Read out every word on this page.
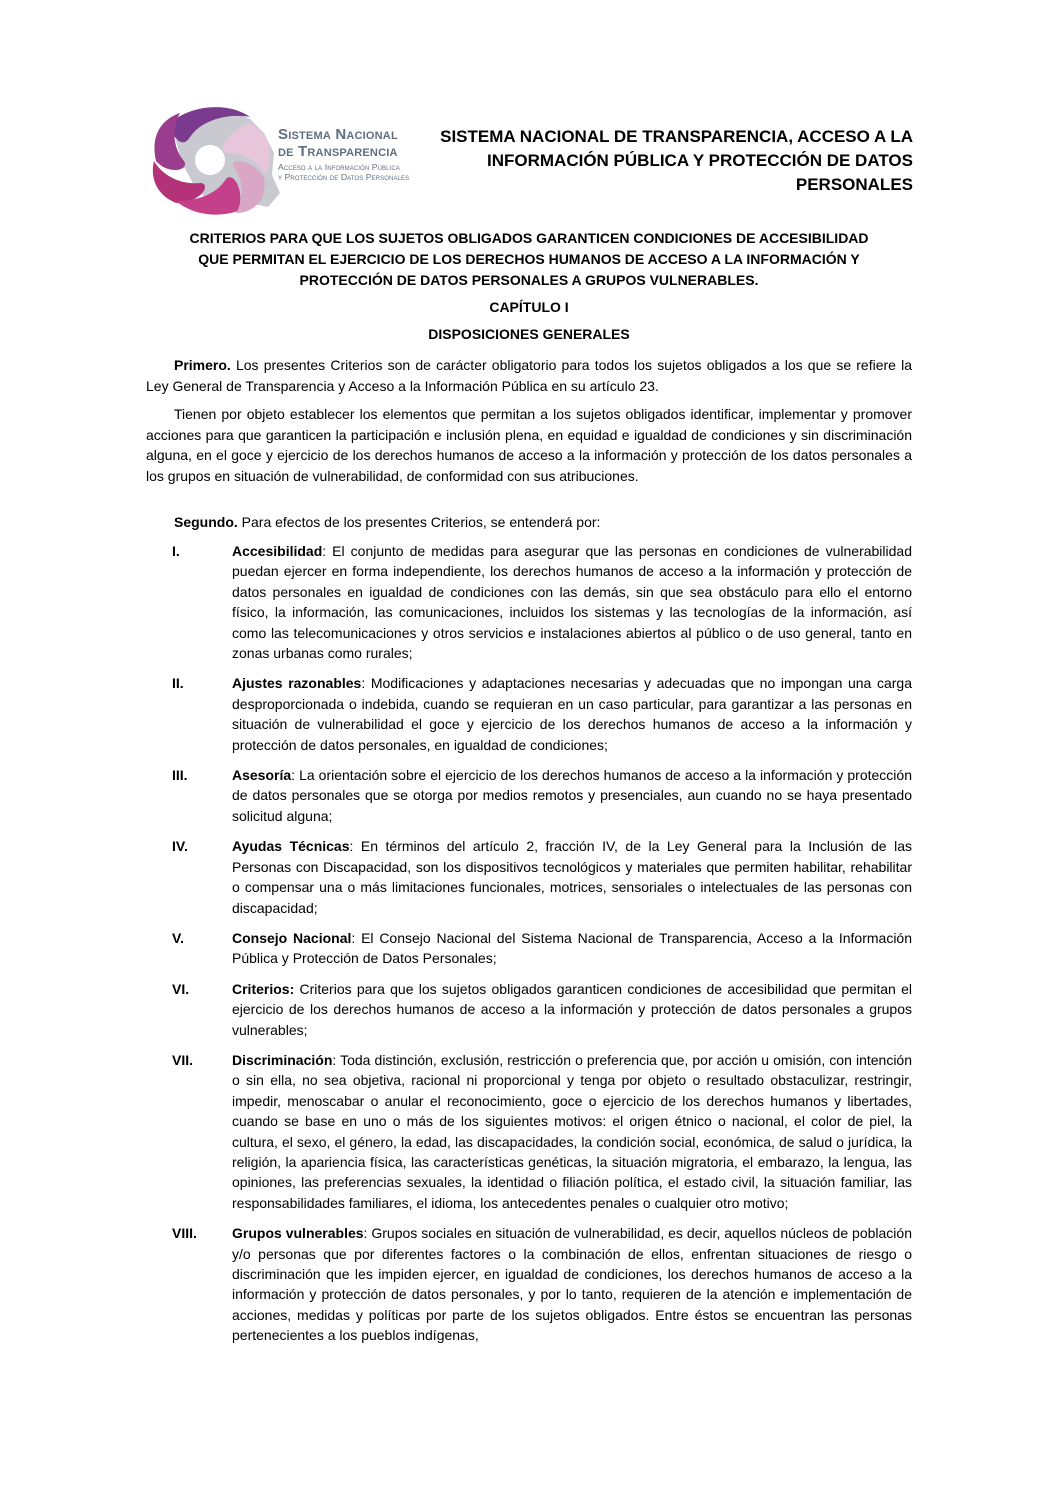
Sistema Nacional
de Transparencia
Acceso a la Información Pública
y Protección de Datos Personales
SISTEMA NACIONAL DE TRANSPARENCIA, ACCESO A LA
INFORMACIÓN PÚBLICA Y PROTECCIÓN DE DATOS
PERSONALES
CRITERIOS PARA QUE LOS SUJETOS OBLIGADOS GARANTICEN CONDICIONES DE ACCESIBILIDAD
QUE PERMITAN EL EJERCICIO DE LOS DERECHOS HUMANOS DE ACCESO A LA INFORMACIÓN Y
PROTECCIÓN DE DATOS PERSONALES A GRUPOS VULNERABLES.
CAPÍTULO I
DISPOSICIONES GENERALES
Primero. Los presentes Criterios son de carácter obligatorio para todos los sujetos obligados a los que se refiere la Ley General de Transparencia y Acceso a la Información Pública en su artículo 23.
Tienen por objeto establecer los elementos que permitan a los sujetos obligados identificar, implementar y promover acciones para que garanticen la participación e inclusión plena, en equidad e igualdad de condiciones y sin discriminación alguna, en el goce y ejercicio de los derechos humanos de acceso a la información y protección de los datos personales a los grupos en situación de vulnerabilidad, de conformidad con sus atribuciones.
Segundo. Para efectos de los presentes Criterios, se entenderá por:
I.	Accesibilidad: El conjunto de medidas para asegurar que las personas en condiciones de vulnerabilidad puedan ejercer en forma independiente, los derechos humanos de acceso a la información y protección de datos personales en igualdad de condiciones con las demás, sin que sea obstáculo para ello el entorno físico, la información, las comunicaciones, incluidos los sistemas y las tecnologías de la información, así como las telecomunicaciones y otros servicios e instalaciones abiertos al público o de uso general, tanto en zonas urbanas como rurales;
II.	Ajustes razonables: Modificaciones y adaptaciones necesarias y adecuadas que no impongan una carga desproporcionada o indebida, cuando se requieran en un caso particular, para garantizar a las personas en situación de vulnerabilidad el goce y ejercicio de los derechos humanos de acceso a la información y protección de datos personales, en igualdad de condiciones;
III.	Asesoría: La orientación sobre el ejercicio de los derechos humanos de acceso a la información y protección de datos personales que se otorga por medios remotos y presenciales, aun cuando no se haya presentado solicitud alguna;
IV.	Ayudas Técnicas: En términos del artículo 2, fracción IV, de la Ley General para la Inclusión de las Personas con Discapacidad, son los dispositivos tecnológicos y materiales que permiten habilitar, rehabilitar o compensar una o más limitaciones funcionales, motrices, sensoriales o intelectuales de las personas con discapacidad;
V.	Consejo Nacional: El Consejo Nacional del Sistema Nacional de Transparencia, Acceso a la Información Pública y Protección de Datos Personales;
VI.	Criterios: Criterios para que los sujetos obligados garanticen condiciones de accesibilidad que permitan el ejercicio de los derechos humanos de acceso a la información y protección de datos personales a grupos vulnerables;
VII.	Discriminación: Toda distinción, exclusión, restricción o preferencia que, por acción u omisión, con intención o sin ella, no sea objetiva, racional ni proporcional y tenga por objeto o resultado obstaculizar, restringir, impedir, menoscabar o anular el reconocimiento, goce o ejercicio de los derechos humanos y libertades, cuando se base en uno o más de los siguientes motivos: el origen étnico o nacional, el color de piel, la cultura, el sexo, el género, la edad, las discapacidades, la condición social, económica, de salud o jurídica, la religión, la apariencia física, las características genéticas, la situación migratoria, el embarazo, la lengua, las opiniones, las preferencias sexuales, la identidad o filiación política, el estado civil, la situación familiar, las responsabilidades familiares, el idioma, los antecedentes penales o cualquier otro motivo;
VIII.	Grupos vulnerables: Grupos sociales en situación de vulnerabilidad, es decir, aquellos núcleos de población y/o personas que por diferentes factores o la combinación de ellos, enfrentan situaciones de riesgo o discriminación que les impiden ejercer, en igualdad de condiciones, los derechos humanos de acceso a la información y protección de datos personales, y por lo tanto, requieren de la atención e implementación de acciones, medidas y políticas por parte de los sujetos obligados. Entre éstos se encuentran las personas pertenecientes a los pueblos indígenas,
